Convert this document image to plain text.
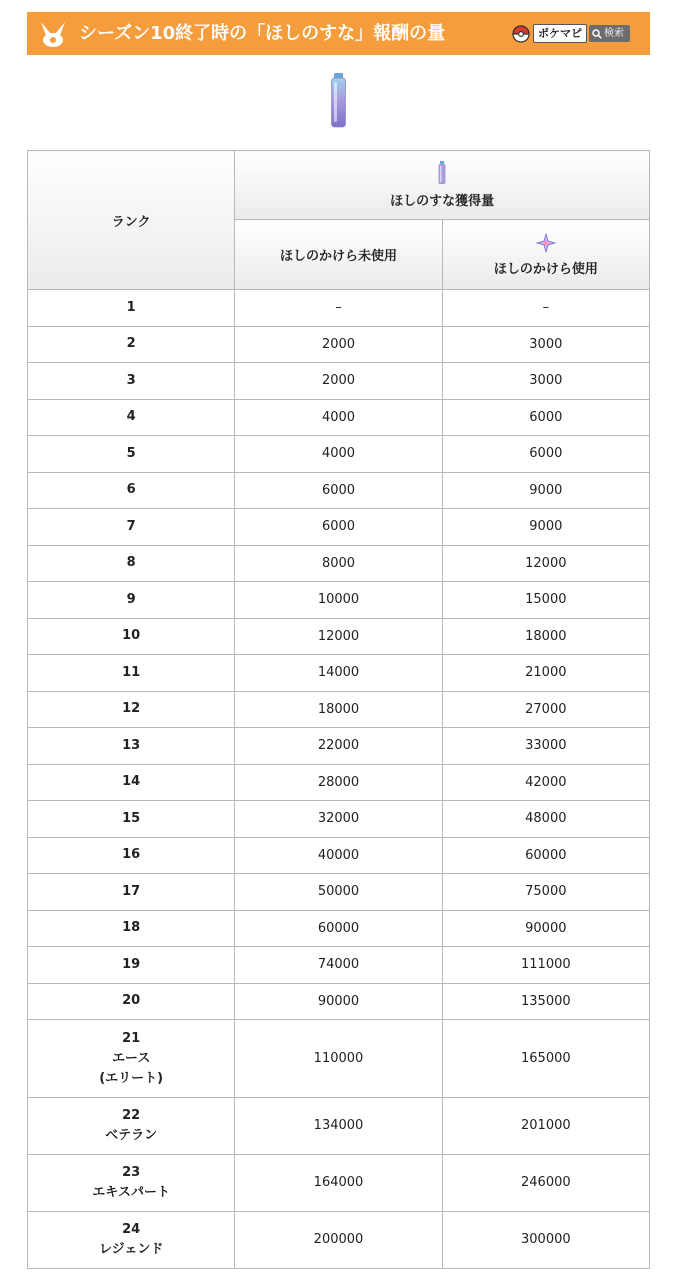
シーズン10終了時の「ほしのすな」報酬の量	ポケマピ	検索
ランク	ほしのすな獲得量	
	ほしのかけら未使用	ほしのかけら使用

1	–	–

2	2000	3000

3	2000	3000

4	4000	6000

5	4000	6000

6	6000	9000

7	6000	9000

8	8000	12000

9	10000	15000

10	12000	18000

11	14000	21000

12	18000	27000

13	22000	33000

14	28000	42000

15	32000	48000

16	40000	60000

17	50000	75000

18	60000	90000

19	74000	111000

20	90000	135000

21
エース
(エリート)	110000	165000

22
ベテラン	134000	201000

23
エキスパート	164000	246000

24
レジェンド	200000	300000
